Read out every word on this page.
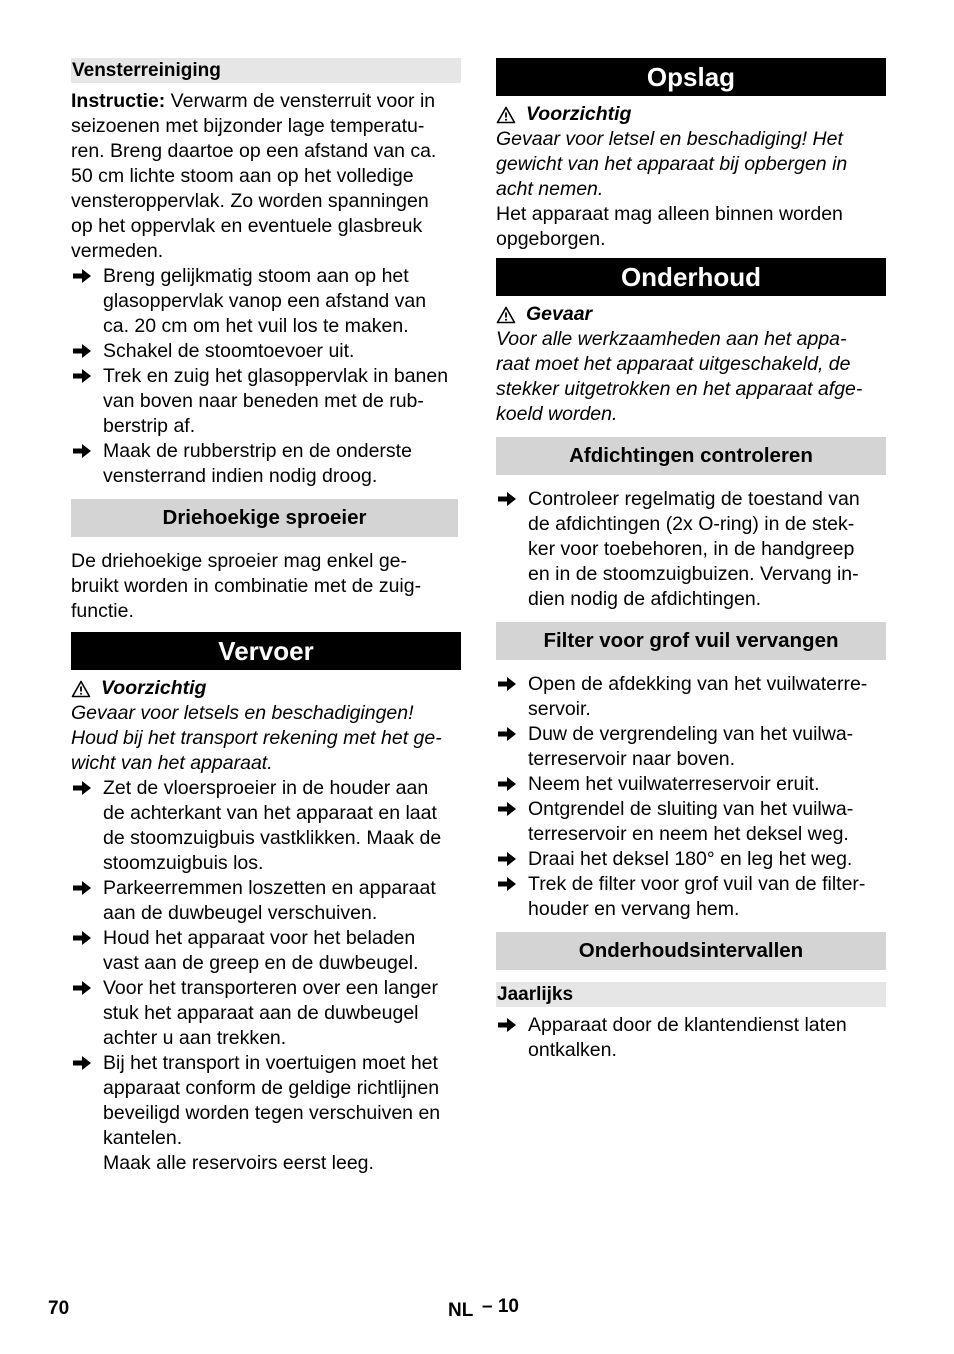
Vensterreiniging
Instructie: Verwarm de vensterruit voor in
seizoenen met bijzonder lage temperatu-
ren. Breng daartoe op een afstand van ca.
50 cm lichte stoom aan op het volledige
vensteroppervlak. Zo worden spanningen
op het oppervlak en eventuele glasbreuk
vermeden.
Breng gelijkmatig stoom aan op het
glasoppervlak vanop een afstand van
ca. 20 cm om het vuil los te maken.
Schakel de stoomtoevoer uit.
Trek en zuig het glasoppervlak in banen
van boven naar beneden met de rub-
berstrip af.
Maak de rubberstrip en de onderste
vensterrand indien nodig droog.
Driehoekige sproeier
De driehoekige sproeier mag enkel ge-
bruikt worden in combinatie met de zuig-
functie.
Vervoer
Voorzichtig
Gevaar voor letsels en beschadigingen!
Houd bij het transport rekening met het ge-
wicht van het apparaat.
Zet de vloersproeier in de houder aan
de achterkant van het apparaat en laat
de stoomzuigbuis vastklikken. Maak de
stoomzuigbuis los.
Parkeerremmen loszetten en apparaat
aan de duwbeugel verschuiven.
Houd het apparaat voor het beladen
vast aan de greep en de duwbeugel.
Voor het transporteren over een langer
stuk het apparaat aan de duwbeugel
achter u aan trekken.
Bij het transport in voertuigen moet het
apparaat conform de geldige richtlijnen
beveiligd worden tegen verschuiven en
kantelen.
Maak alle reservoirs eerst leeg.
Opslag
Voorzichtig
Gevaar voor letsel en beschadiging! Het
gewicht van het apparaat bij opbergen in
acht nemen.
Het apparaat mag alleen binnen worden
opgeborgen.
Onderhoud
Gevaar
Voor alle werkzaamheden aan het appa-
raat moet het apparaat uitgeschakeld, de
stekker uitgetrokken en het apparaat afge-
koeld worden.
Afdichtingen controleren
Controleer regelmatig de toestand van
de afdichtingen (2x O-ring) in de stek-
ker voor toebehoren, in de handgreep
en in de stoomzuigbuizen. Vervang in-
dien nodig de afdichtingen.
Filter voor grof vuil vervangen
Open de afdekking van het vuilwaterre-
servoir.
Duw de vergrendeling van het vuilwa-
terreservoir naar boven.
Neem het vuilwaterreservoir eruit.
Ontgrendel de sluiting van het vuilwa-
terreservoir en neem het deksel weg.
Draai het deksel 180° en leg het weg.
Trek de filter voor grof vuil van de filter-
houder en vervang hem.
Onderhoudsintervallen
Jaarlijks
Apparaat door de klantendienst laten
ontkalken.
70	NL – 10
